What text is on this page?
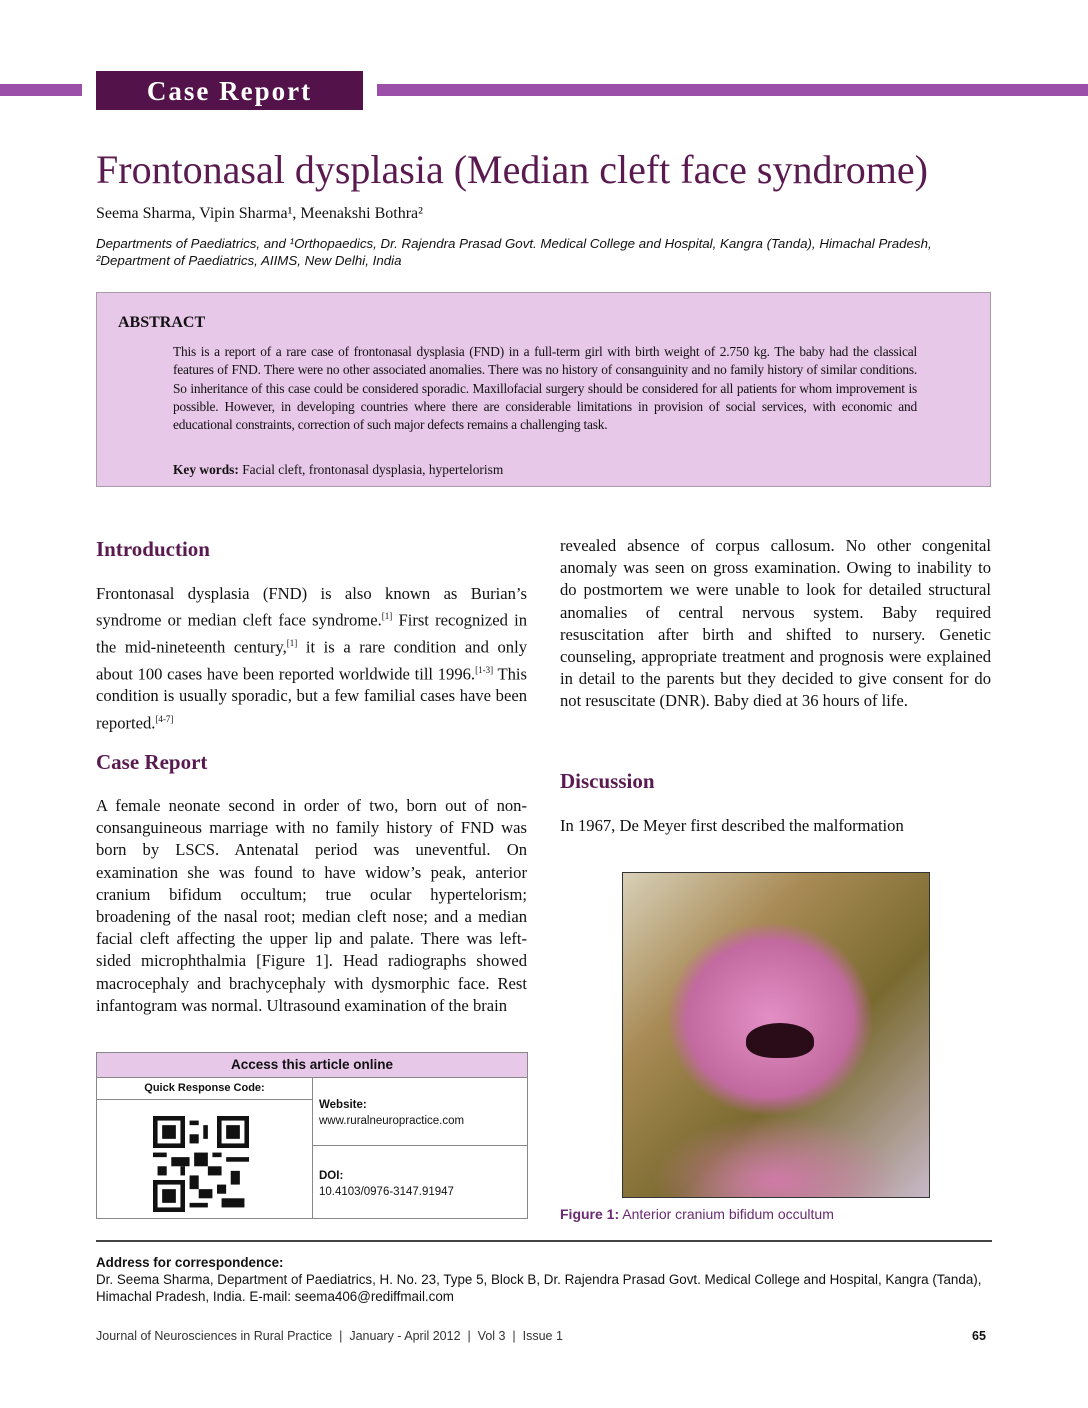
Case Report
Frontonasal dysplasia (Median cleft face syndrome)
Seema Sharma, Vipin Sharma¹, Meenakshi Bothra²
Departments of Paediatrics, and ¹Orthopaedics, Dr. Rajendra Prasad Govt. Medical College and Hospital, Kangra (Tanda), Himachal Pradesh, ²Department of Paediatrics, AIIMS, New Delhi, India
ABSTRACT
This is a report of a rare case of frontonasal dysplasia (FND) in a full-term girl with birth weight of 2.750 kg. The baby had the classical features of FND. There were no other associated anomalies. There was no history of consanguinity and no family history of similar conditions. So inheritance of this case could be considered sporadic. Maxillofacial surgery should be considered for all patients for whom improvement is possible. However, in developing countries where there are considerable limitations in provision of social services, with economic and educational constraints, correction of such major defects remains a challenging task.
Key words: Facial cleft, frontonasal dysplasia, hypertelorism
Introduction
Frontonasal dysplasia (FND) is also known as Burian’s syndrome or median cleft face syndrome.[1] First recognized in the mid-nineteenth century,[1] it is a rare condition and only about 100 cases have been reported worldwide till 1996.[1-3] This condition is usually sporadic, but a few familial cases have been reported.[4-7]
Case Report
A female neonate second in order of two, born out of non-consanguineous marriage with no family history of FND was born by LSCS. Antenatal period was uneventful. On examination she was found to have widow’s peak, anterior cranium bifidum occultum; true ocular hypertelorism; broadening of the nasal root; median cleft nose; and a median facial cleft affecting the upper lip and palate. There was left-sided microphthalmia [Figure 1]. Head radiographs showed macrocephaly and brachycephaly with dysmorphic face. Rest infantogram was normal. Ultrasound examination of the brain
revealed absence of corpus callosum. No other congenital anomaly was seen on gross examination. Owing to inability to do postmortem we were unable to look for detailed structural anomalies of central nervous system. Baby required resuscitation after birth and shifted to nursery. Genetic counseling, appropriate treatment and prognosis were explained in detail to the parents but they decided to give consent for do not resuscitate (DNR). Baby died at 36 hours of life.
Discussion
In 1967, De Meyer first described the malformation
Access this article online
Quick Response Code:
Website:
www.ruralneuropractice.com
DOI:
10.4103/0976-3147.91947
Figure 1: Anterior cranium bifidum occultum
Address for correspondence:
Dr. Seema Sharma, Department of Paediatrics, H. No. 23, Type 5, Block B, Dr. Rajendra Prasad Govt. Medical College and Hospital, Kangra (Tanda), Himachal Pradesh, India. E-mail: seema406@rediffmail.com
Journal of Neurosciences in Rural Practice  |  January - April 2012  |  Vol 3  |  Issue 1	65
